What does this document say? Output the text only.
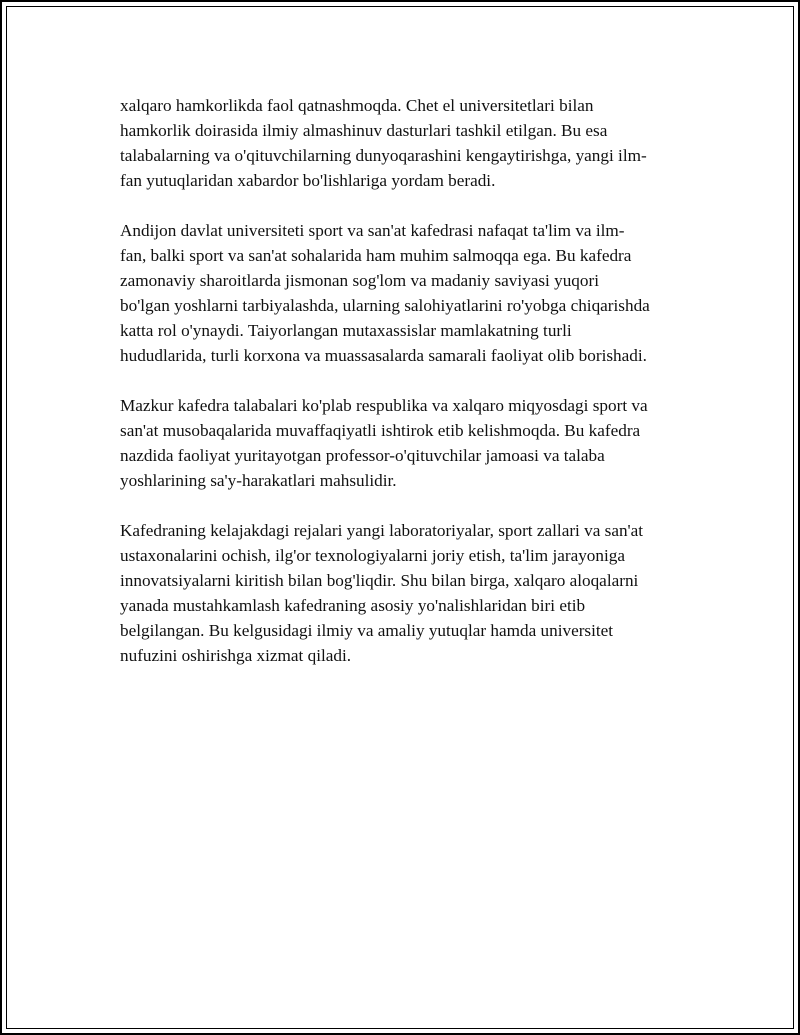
xalqaro hamkorlikda faol qatnashmoqda. Chet el universitetlari bilan
hamkorlik doirasida ilmiy almashinuv dasturlari tashkil etilgan. Bu esa
talabalarning va o'qituvchilarning dunyoqarashini kengaytirishga, yangi ilm-
fan yutuqlaridan xabardor bo'lishlariga yordam beradi.

Andijon davlat universiteti sport va san'at kafedrasi nafaqat ta'lim va ilm-
fan, balki sport va san'at sohalarida ham muhim salmoqqa ega. Bu kafedra
zamonaviy sharoitlarda jismonan sog'lom va madaniy saviyasi yuqori
bo'lgan yoshlarni tarbiyalashda, ularning salohiyatlarini ro'yobga chiqarishda
katta rol o'ynaydi. Taiyorlangan mutaxassislar mamlakatning turli
hududlarida, turli korxona va muassasalarda samarali faoliyat olib borishadi.

Mazkur kafedra talabalari ko'plab respublika va xalqaro miqyosdagi sport va
san'at musobaqalarida muvaffaqiyatli ishtirok etib kelishmoqda. Bu kafedra
nazdida faoliyat yuritayotgan professor-o'qituvchilar jamoasi va talaba
yoshlarining sa'y-harakatlari mahsulidir.

Kafedraning kelajakdagi rejalari yangi laboratoriyalar, sport zallari va san'at
ustaxonalarini ochish, ilg'or texnologiyalarni joriy etish, ta'lim jarayoniga
innovatsiyalarni kiritish bilan bog'liqdir. Shu bilan birga, xalqaro aloqalarni
yanada mustahkamlash kafedraning asosiy yo'nalishlaridan biri etib
belgilangan. Bu kelgusidagi ilmiy va amaliy yutuqlar hamda universitet
nufuzini oshirishga xizmat qiladi.
